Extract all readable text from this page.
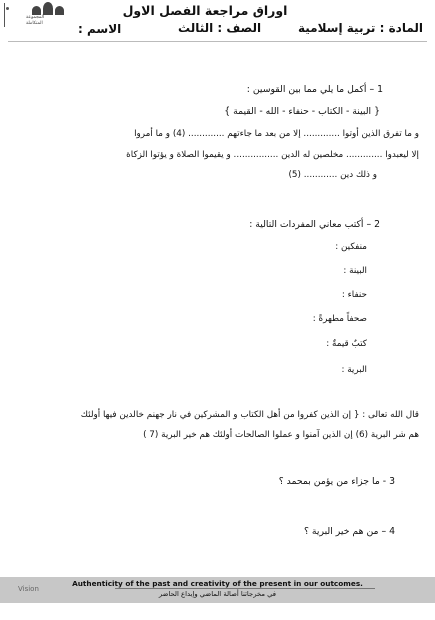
المجموعة
المتكاملة
اوراق مراجعة الفصل الاول
المادة : تربية إسلامية
الصف : الثالث
الاسم :
1 – أكمل ما يلي مما بين القوسين :
{ البينة - الكتاب - حنفاء - الله - القيمة }
و ما تفرق الذين أوتوا ............. إلا من بعد ما جاءتهم ............. (4) و ما أمروا
إلا ليعبدوا ............. مخلصين له الدين ................ و يقيموا الصلاة و يؤتوا الزكاة
و ذلك دين ............ (5)
2 – أكتب معاني المفردات التالية :
منفكين :
البينة :
حنفاء :
صحفاً مطهرةً :
كتبٌ قيمةٌ :
البرية :
قال الله تعالى : { إن الذين كفروا من أهل الكتاب و المشركين في نار جهنم خالدين فيها أولئك
هم شر البرية (6) إن الذين آمنوا و عملوا الصالحات أولئك هم خير البرية (7 )
3 - ما جزاء من يؤمن بمحمد ؟
4 – من هم خير البرية ؟
Vision
Authenticity of the past and creativity of the present in our outcomes.
في مخرجاتنا أصالة الماضي وإبداع الحاضر
